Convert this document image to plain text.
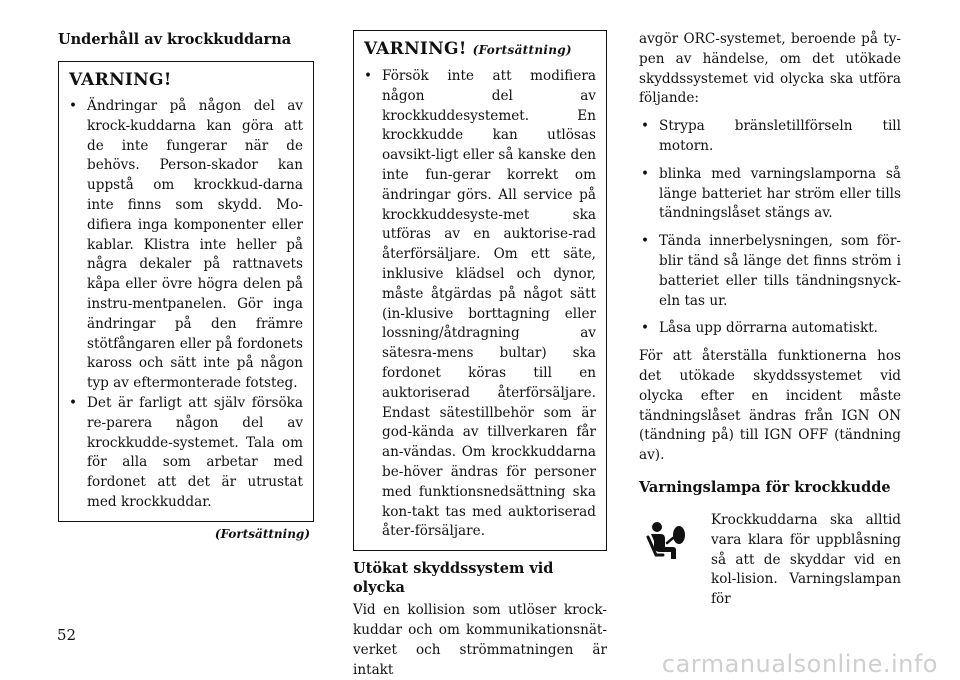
Underhåll av krockkuddarna
VARNING!
• Ändringar på någon del av krock-kuddarna kan göra att de inte fungerar när de behövs. Person-skador kan uppstå om krockkud-darna inte finns som skydd. Mo-difiera inga komponenter eller kablar. Klistra inte heller på några dekaler på rattnavets kåpa eller övre högra delen på instru-mentpanelen. Gör inga ändringar på den främre stötfångaren eller på fordonets kaross och sätt inte på någon typ av eftermonterade fotsteg.
• Det är farligt att själv försöka re-parera någon del av krockkudde-systemet. Tala om för alla som arbetar med fordonet att det är utrustat med krockkuddar.
(Fortsättning)
VARNING! (Fortsättning)
• Försök inte att modifiera någon del av krockkuddesystemet. En krockkudde kan utlösas oavsikt-ligt eller så kanske den inte fun-gerar korrekt om ändringar görs. All service på krockkuddesyste-met ska utföras av en auktorise-rad återförsäljare. Om ett säte, inklusive klädsel och dynor, måste åtgärdas på något sätt (in-klusive borttagning eller lossning/åtdragning av sätesra-mens bultar) ska fordonet köras till en auktoriserad återförsäljare. Endast sätestillbehör som är god-kända av tillverkaren får an-vändas. Om krockkuddarna be-höver ändras för personer med funktionsnedsättning ska kon-takt tas med auktoriserad åter-försäljare.
Utökat skyddssystem vid olycka

Vid en kollision som utlöser krock-kuddar och om kommunikationsnät-verket och strömmatningen är intakt

avgör ORC-systemet, beroende på ty-pen av händelse, om det utökade skyddssystemet vid olycka ska utföra följande:

• Strypa bränsletillförseln till motorn.
• blinka med varningslamporna så länge batteriet har ström eller tills tändningslåset stängs av.
• Tända innerbelysningen, som för-blir tänd så länge det finns ström i batteriet eller tills tändningsnyck-eln tas ur.
• Låsa upp dörrarna automatiskt.

För att återställa funktionerna hos det utökade skyddssystemet vid olycka efter en incident måste tändningslåset ändras från IGN ON (tändning på) till IGN OFF (tändning av).

Varningslampa för krockkudde
Krockkuddarna ska alltid vara klara för uppblåsning så att de skyddar vid en kol-lision. Varningslampan för
52
carmanualsonline.info
